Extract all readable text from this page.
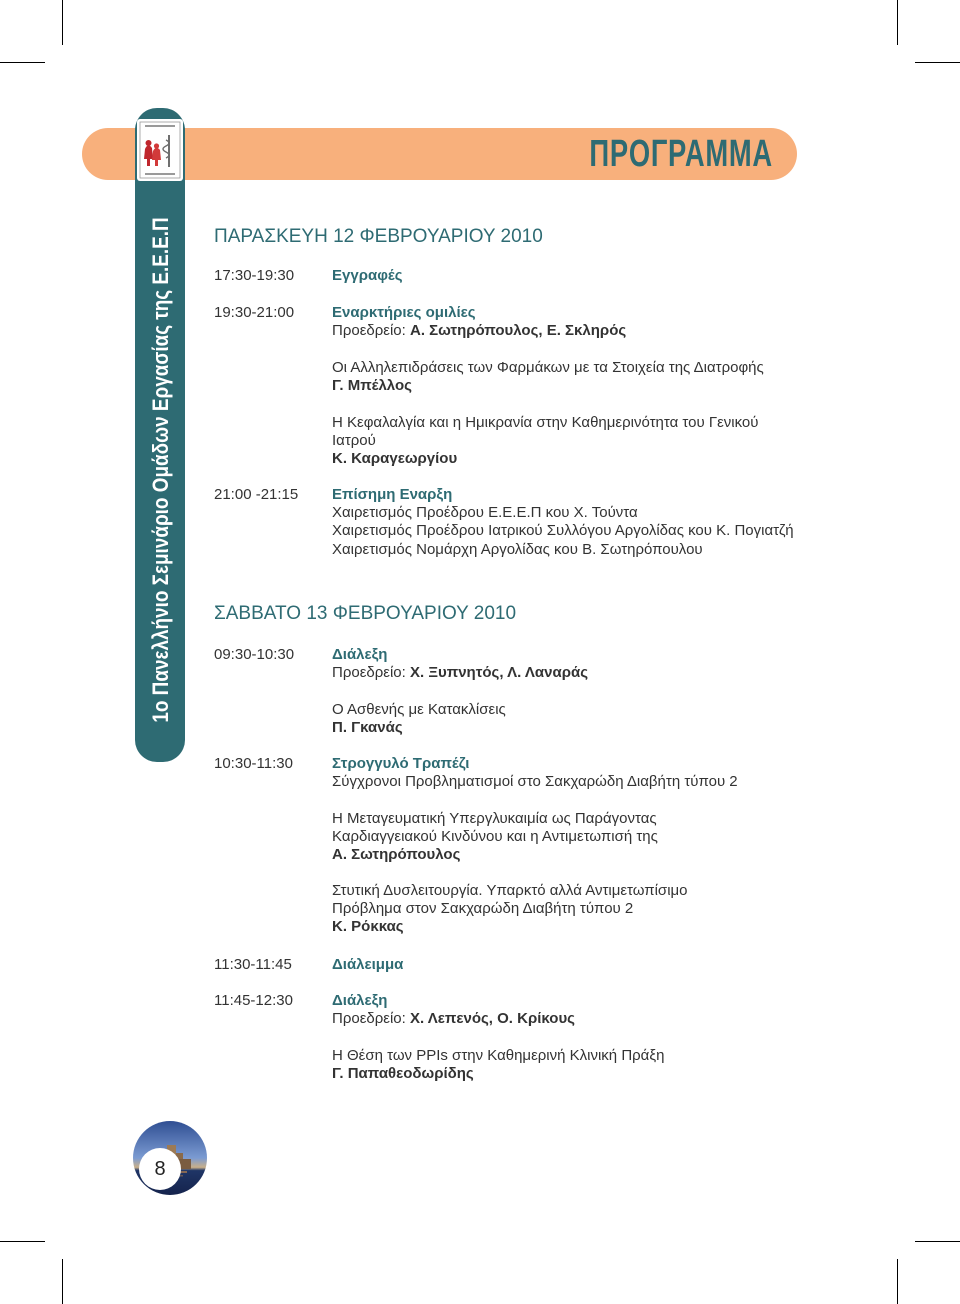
ΠΡΟΓΡΑΜΜΑ
1ο Πανελλήνιο Σεμινάριο Ομάδων Εργασίας της Ε.Ε.Ε.Π ΠΑΡΑΣΚΕΥΗ 12 ΦΕΒΡΟΥΑΡΙΟΥ 2010
17:30-19:30	Εγγραφές
19:30-21:00	Εναρκτήριες ομιλίες
Προεδρείο: Α. Σωτηρόπουλος, Ε. Σκληρός
Οι Αλληλεπιδράσεις των Φαρμάκων με τα Στοιχεία της Διατροφής
Γ. Μπέλλος
Η Κεφαλαλγία και η Ημικρανία στην Καθημερινότητα του Γενικού
Ιατρού
Κ. Καραγεωργίου
21:00 -21:15 Επίσημη Εναρξη
Χαιρετισμός Προέδρου Ε.Ε.Ε.Π κου Χ. Τούντα
Χαιρετισμός Προέδρου Ιατρικού Συλλόγου Αργολίδας κου Κ. Πογιατζή
Χαιρετισμός Νομάρχη Αργολίδας κου Β. Σωτηρόπουλου
ΣΑΒΒΑΤΟ 13 ΦΕΒΡΟΥΑΡΙΟΥ 2010
09:30-10:30	Διάλεξη
Προεδρείο: Χ. Ξυπνητός, Λ. Λαναράς
Ο Ασθενής με Κατακλίσεις
Π. Γκανάς
10:30-11:30	Στρογγυλό Τραπέζι
Σύγχρονοι Προβληματισμοί στο Σακχαρώδη Διαβήτη τύπου 2
Η Μεταγευματική Υπεργλυκαιμία ως Παράγοντας
Καρδιαγγειακού Κινδύνου και η Αντιμετωπισή της
Α. Σωτηρόπουλος
Στυτική Δυσλειτουργία. Υπαρκτό αλλά Αντιμετωπίσιμο
Πρόβλημα στον Σακχαρώδη Διαβήτη τύπου 2
Κ. Ρόκκας
11:30-11:45	Διάλειμμα
11:45-12:30	Διάλεξη
Προεδρείο: Χ. Λεπενός, Ο. Κρίκους
Η Θέση των PPIs στην Καθημερινή Κλινική Πράξη
Γ. Παπαθεοδωρίδης
8
